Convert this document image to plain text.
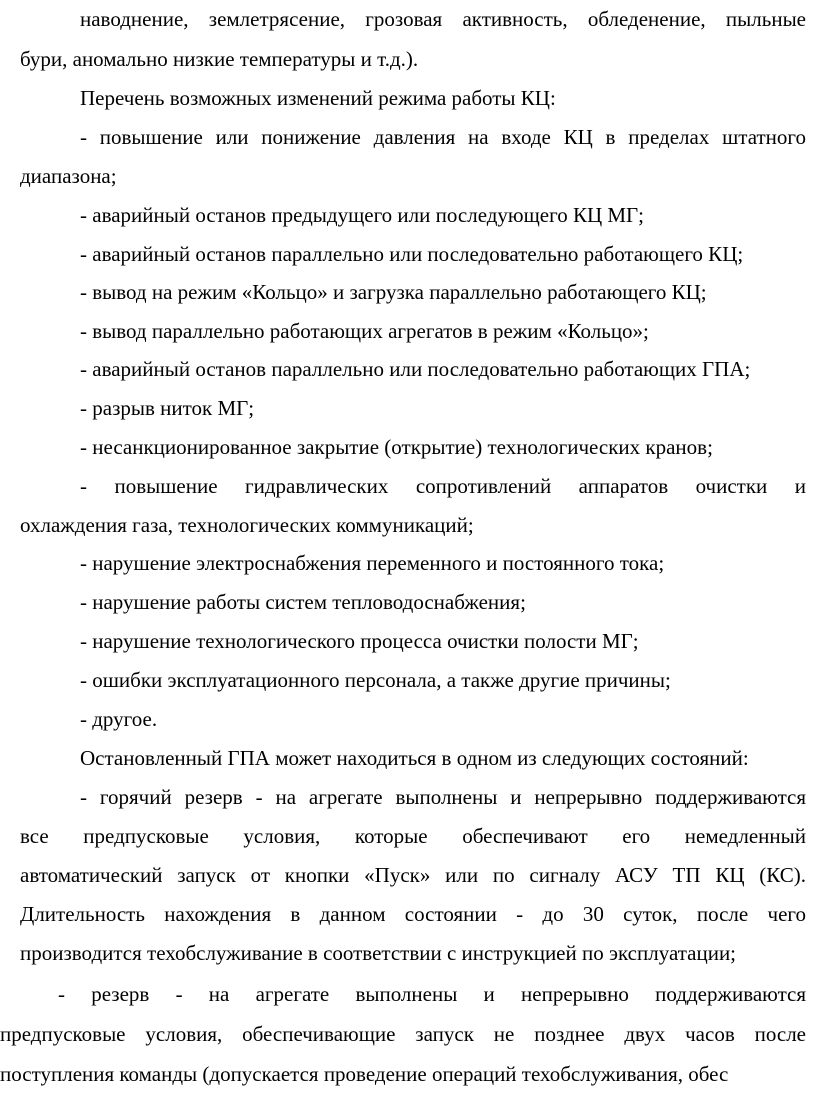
наводнение, землетрясение, грозовая активность, обледенение, пыльные
бури, аномально низкие температуры и т.д.).
Перечень возможных изменений режима работы КЦ:
- повышение или понижение давления на входе КЦ в пределах штатного
диапазона;
- аварийный останов предыдущего или последующего КЦ МГ;
- аварийный останов параллельно или последовательно работающего КЦ;
- вывод на режим «Кольцо» и загрузка параллельно работающего КЦ;
- вывод параллельно работающих агрегатов в режим «Кольцо»;
- аварийный останов параллельно или последовательно работающих ГПА;
- разрыв ниток МГ;
- несанкционированное закрытие (открытие) технологических кранов;
- повышение гидравлических сопротивлений аппаратов очистки и
охлаждения газа, технологических коммуникаций;
- нарушение электроснабжения переменного и постоянного тока;
- нарушение работы систем тепловодоснабжения;
- нарушение технологического процесса очистки полости МГ;
- ошибки эксплуатационного персонала, а также другие причины;
- другое.
Остановленный ГПА может находиться в одном из следующих состояний:
- горячий резерв - на агрегате выполнены и непрерывно поддерживаются
все предпусковые условия, которые обеспечивают его немедленный
автоматический запуск от кнопки «Пуск» или по сигналу АСУ ТП КЦ (КС).
Длительность нахождения в данном состоянии - до 30 суток, после чего
производится техобслуживание в соответствии с инструкцией по эксплуатации;
- резерв - на агрегате выполнены и непрерывно поддерживаются
предпусковые условия, обеспечивающие запуск не позднее двух часов после
поступления команды (допускается проведение операций техобслуживания, обес
